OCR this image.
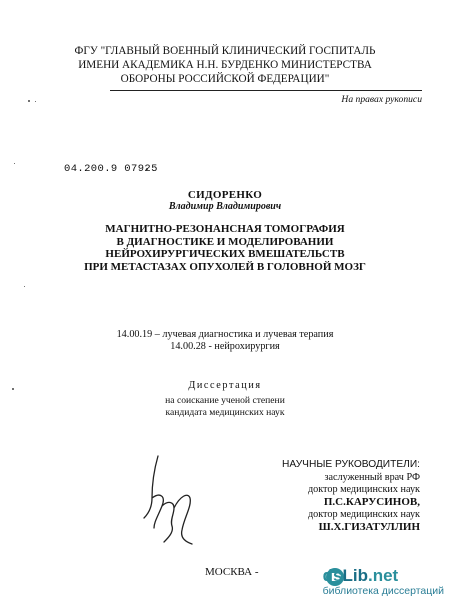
ФГУ "ГЛАВНЫЙ ВОЕННЫЙ КЛИНИЧЕСКИЙ ГОСПИТАЛЬ
ИМЕНИ АКАДЕМИКА Н.Н. БУРДЕНКО МИНИСТЕРСТВА
ОБОРОНЫ РОССИЙСКОЙ ФЕДЕРАЦИИ"
На правах рукописи
04.200.9 07925
СИДОРЕНКО
Владимир Владимирович
МАГНИТНО-РЕЗОНАНСНАЯ ТОМОГРАФИЯ
В ДИАГНОСТИКЕ И МОДЕЛИРОВАНИИ
НЕЙРОХИРУРГИЧЕСКИХ ВМЕШАТЕЛЬСТВ
ПРИ МЕТАСТАЗАХ ОПУХОЛЕЙ В ГОЛОВНОЙ МОЗГ
14.00.19 – лучевая диагностика и лучевая терапия
14.00.28 - нейрохирургия
Диссертация
на соискание ученой степени
кандидата медицинских наук
НАУЧНЫЕ РУКОВОДИТЕЛИ:
заслуженный врач РФ
доктор медицинских наук
П.С.КАРУСИНОВ,
доктор медицинских наук
Ш.Х.ГИЗАТУЛЛИН
МОСКВА -	dsLib.net
библиотека диссертаций
